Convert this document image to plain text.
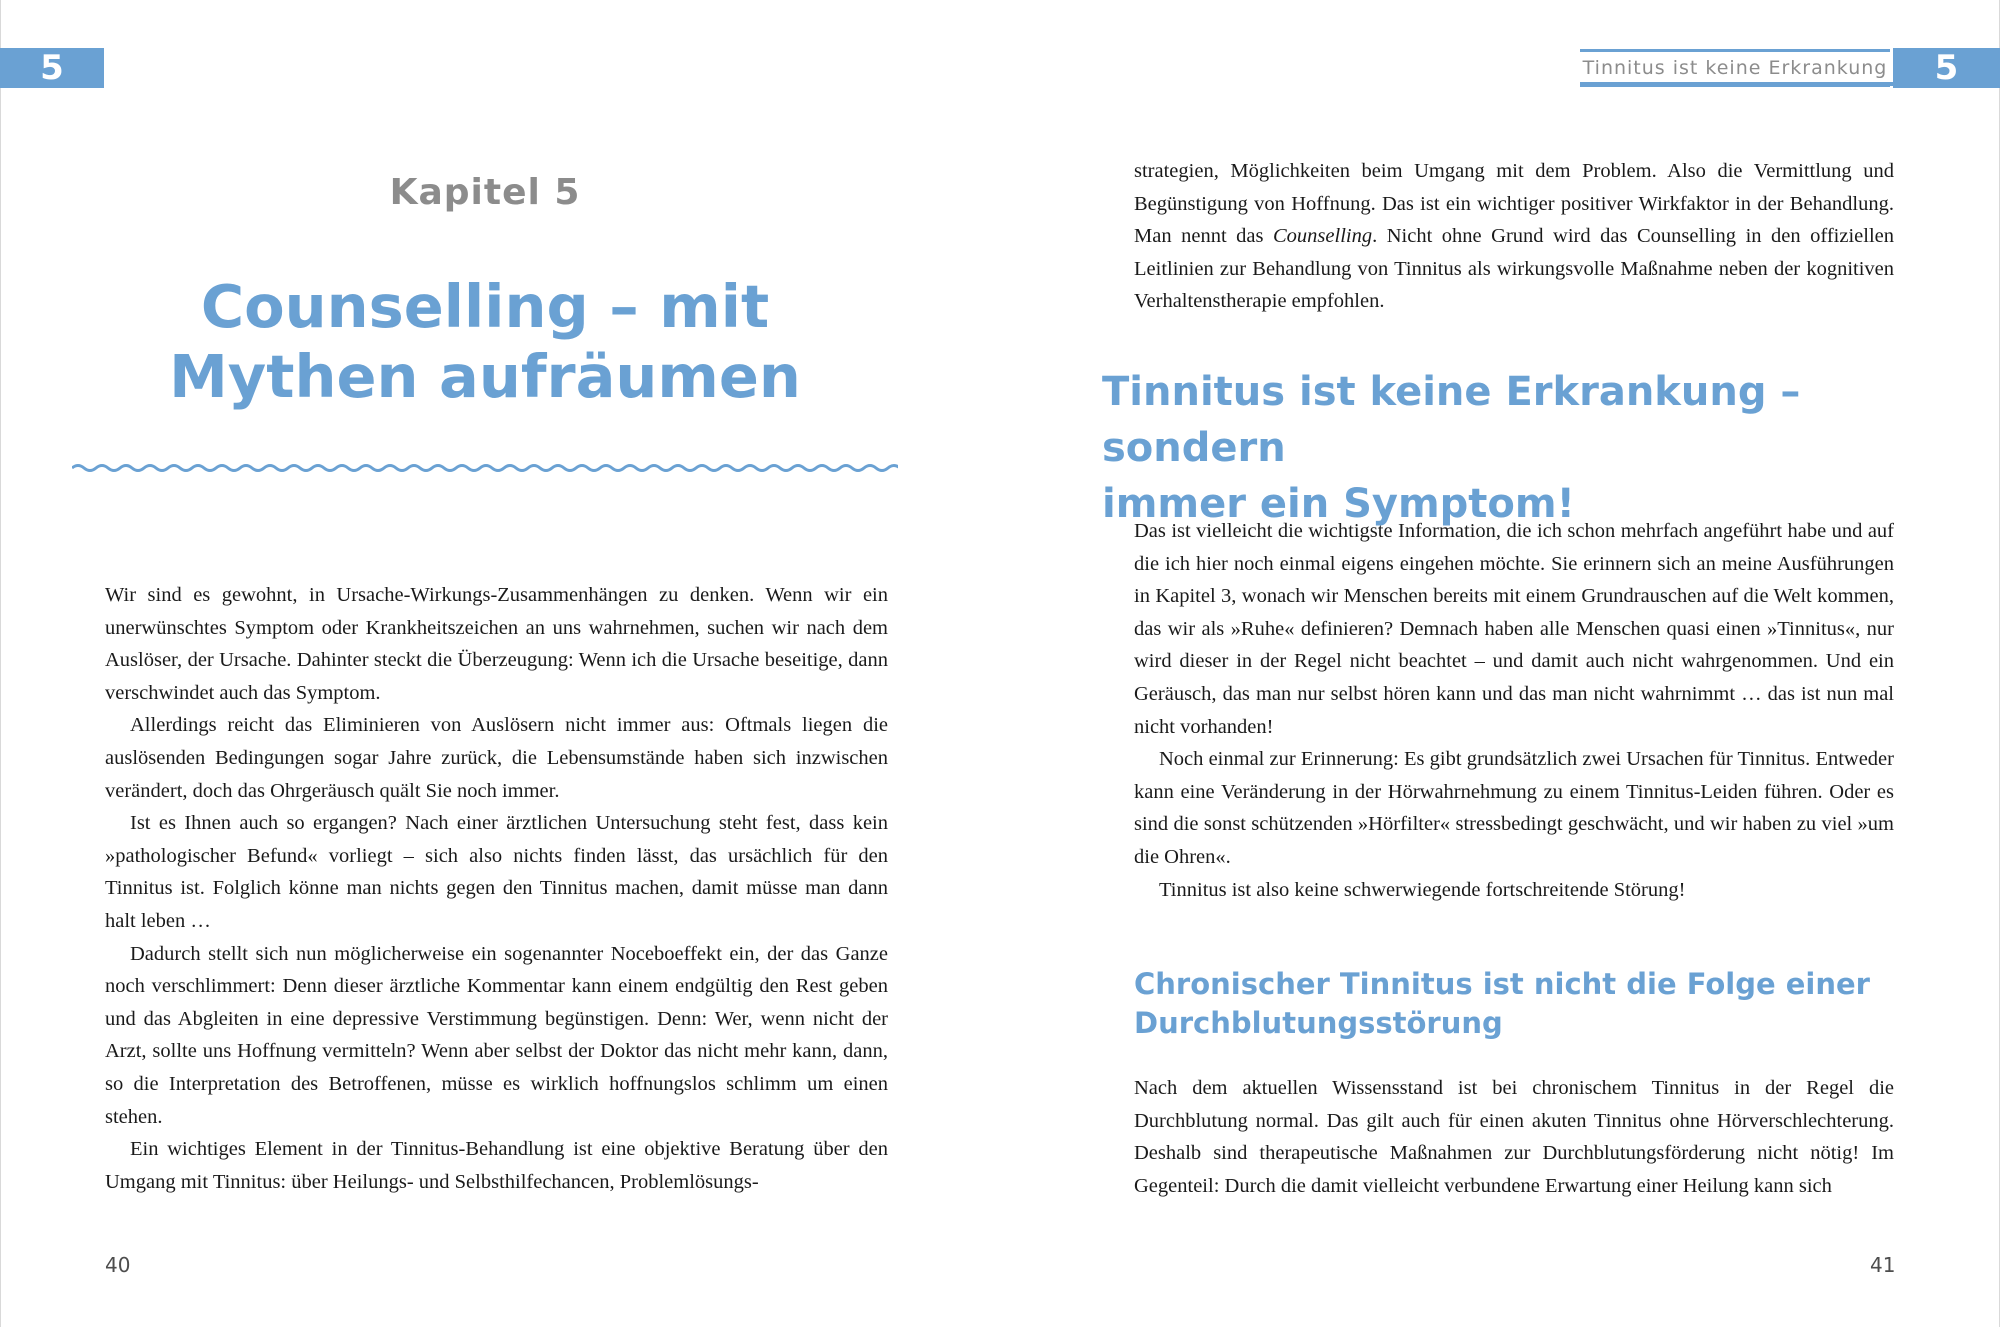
5	Tinnitus ist keine Erkrankung	5
Kapitel 5
Counselling – mit
Mythen aufräumen

Wir sind es gewohnt, in Ursache-Wirkungs-Zusammenhängen zu denken. Wenn wir ein unerwünschtes Symptom oder Krankheitszeichen an uns wahrnehmen, suchen wir nach dem Auslöser, der Ursache. Dahinter steckt die Überzeugung: Wenn ich die Ursache beseitige, dann verschwindet auch das Symptom.

Allerdings reicht das Eliminieren von Auslösern nicht immer aus: Oftmals liegen die auslösenden Bedingungen sogar Jahre zurück, die Lebensumstände haben sich inzwischen verändert, doch das Ohrgeräusch quält Sie noch immer.

Ist es Ihnen auch so ergangen? Nach einer ärztlichen Untersuchung steht fest, dass kein »pathologischer Befund« vorliegt – sich also nichts finden lässt, das ursächlich für den Tinnitus ist. Folglich könne man nichts gegen den Tinnitus machen, damit müsse man dann halt leben …

Dadurch stellt sich nun möglicherweise ein sogenannter Noceboeffekt ein, der das Ganze noch verschlimmert: Denn dieser ärztliche Kommentar kann einem endgültig den Rest geben und das Abgleiten in eine depressive Verstimmung begünstigen. Denn: Wer, wenn nicht der Arzt, sollte uns Hoffnung vermitteln? Wenn aber selbst der Doktor das nicht mehr kann, dann, so die Interpretation des Betroffenen, müsse es wirklich hoffnungslos schlimm um einen stehen.

Ein wichtiges Element in der Tinnitus-Behandlung ist eine objektive Beratung über den Umgang mit Tinnitus: über Heilungs- und Selbsthilfechancen, Problemlösungs-

40

strategien, Möglichkeiten beim Umgang mit dem Problem. Also die Vermittlung und Begünstigung von Hoffnung. Das ist ein wichtiger positiver Wirkfaktor in der Behandlung. Man nennt das Counselling. Nicht ohne Grund wird das Counselling in den offiziellen Leitlinien zur Behandlung von Tinnitus als wirkungsvolle Maßnahme neben der kognitiven Verhaltenstherapie empfohlen.

Tinnitus ist keine Erkrankung – sondern
immer ein Symptom!

Das ist vielleicht die wichtigste Information, die ich schon mehrfach angeführt habe und auf die ich hier noch einmal eigens eingehen möchte. Sie erinnern sich an meine Ausführungen in Kapitel 3, wonach wir Menschen bereits mit einem Grundrauschen auf die Welt kommen, das wir als »Ruhe« definieren? Demnach haben alle Menschen quasi einen »Tinnitus«, nur wird dieser in der Regel nicht beachtet – und damit auch nicht wahrgenommen. Und ein Geräusch, das man nur selbst hören kann und das man nicht wahrnimmt … das ist nun mal nicht vorhanden!

Noch einmal zur Erinnerung: Es gibt grundsätzlich zwei Ursachen für Tinnitus. Entweder kann eine Veränderung in der Hörwahrnehmung zu einem Tinnitus-Leiden führen. Oder es sind die sonst schützenden »Hörfilter« stressbedingt geschwächt, und wir haben zu viel »um die Ohren«.

Tinnitus ist also keine schwerwiegende fortschreitende Störung!

Chronischer Tinnitus ist nicht die Folge einer
Durchblutungsstörung

Nach dem aktuellen Wissensstand ist bei chronischem Tinnitus in der Regel die Durchblutung normal. Das gilt auch für einen akuten Tinnitus ohne Hörverschlechterung. Deshalb sind therapeutische Maßnahmen zur Durchblutungsförderung nicht nötig! Im Gegenteil: Durch die damit vielleicht verbundene Erwartung einer Heilung kann sich

41
